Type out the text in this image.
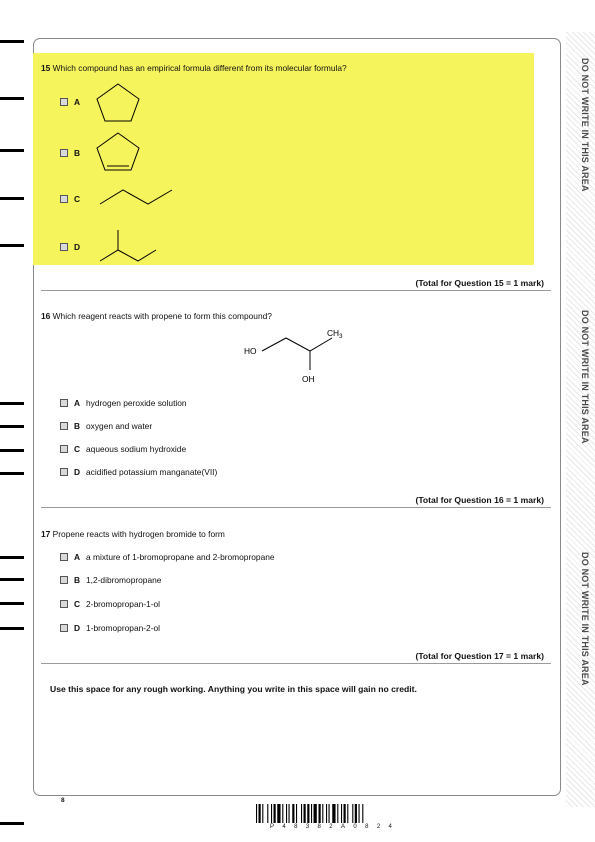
DO NOT WRITE IN THIS AREA
DO NOT WRITE IN THIS AREA
DO NOT WRITE IN THIS AREA
15 Which compound has an empirical formula different from its molecular formula?
A
B
C
D
(Total for Question 15 = 1 mark)
16 Which reagent reacts with propene to form this compound?
HO
$CH_3$
OH
A hydrogen peroxide solution
B oxygen and water
C aqueous sodium hydroxide
D acidified potassium manganate(VII)
(Total for Question 16 = 1 mark)
17 Propene reacts with hydrogen bromide to form
A a mixture of 1-bromopropane and 2-bromopropane
B 1,2-dibromopropane
C 2-bromopropan-1-ol
D 1-bromopropan-2-ol
(Total for Question 17 = 1 mark)
Use this space for any rough working. Anything you write in this space will gain no credit.
8
P 4 8 3 8 2 A 0 8 2 4
